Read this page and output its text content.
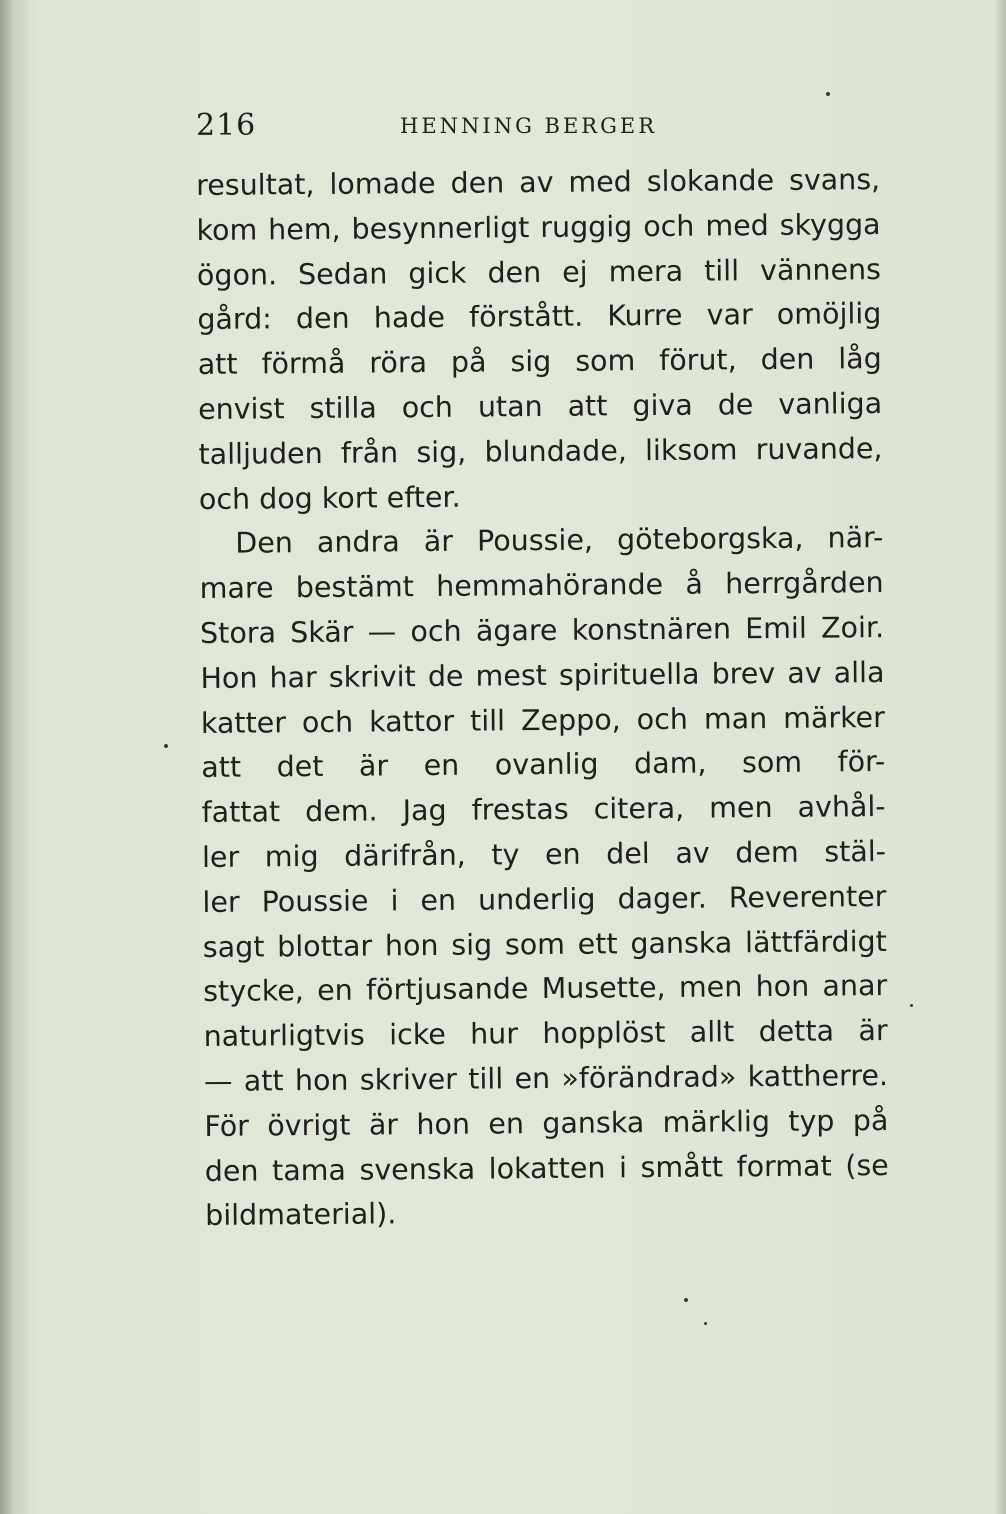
216	HENNING BERGER
resultat, lomade den av med slokande svans,
kom hem, besynnerligt ruggig och med skygga
ögon. Sedan gick den ej mera till vännens
gård: den hade förstått. Kurre var omöjlig
att förmå röra på sig som förut, den låg
envist stilla och utan att giva de vanliga
talljuden från sig, blundade, liksom ruvande,
och dog kort efter.
Den andra är Poussie, göteborgska, när-
mare bestämt hemmahörande å herrgården
Stora Skär — och ägare konstnären Emil Zoir.
Hon har skrivit de mest spirituella brev av alla
katter och kattor till Zeppo, och man märker
att det är en ovanlig dam, som för-
fattat dem. Jag frestas citera, men avhål-
ler mig därifrån, ty en del av dem stäl-
ler Poussie i en underlig dager. Reverenter
sagt blottar hon sig som ett ganska lättfärdigt
stycke, en förtjusande Musette, men hon anar
naturligtvis icke hur hopplöst allt detta är
— att hon skriver till en »förändrad» kattherre.
För övrigt är hon en ganska märklig typ på
den tama svenska lokatten i smått format (se
bildmaterial).
